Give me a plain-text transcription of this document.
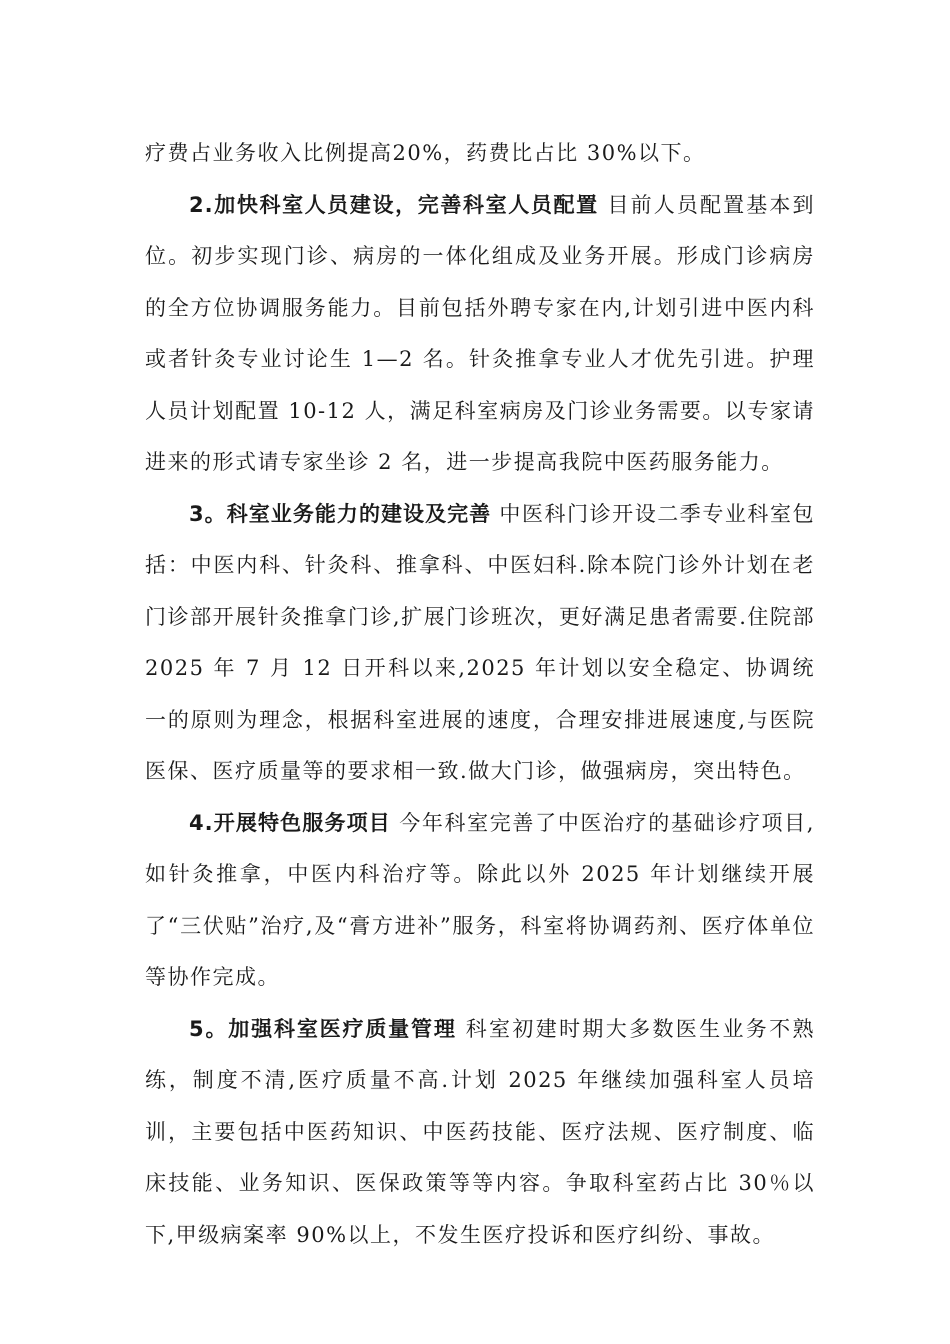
疗费占业务收入比例提高20%，药费比占比 30%以下。

2.加快科室人员建设，完善科室人员配置 目前人员配置基本到位。初步实现门诊、病房的一体化组成及业务开展。形成门诊病房的全方位协调服务能力。目前包括外聘专家在内,计划引进中医内科或者针灸专业讨论生 1—2 名。针灸推拿专业人才优先引进。护理人员计划配置 10-12 人，满足科室病房及门诊业务需要。以专家请进来的形式请专家坐诊 2 名，进一步提高我院中医药服务能力。

3。科室业务能力的建设及完善 中医科门诊开设二季专业科室包括：中医内科、针灸科、推拿科、中医妇科.除本院门诊外计划在老门诊部开展针灸推拿门诊,扩展门诊班次，更好满足患者需要.住院部 2025 年 7 月 12 日开科以来,2025 年计划以安全稳定、协调统一的原则为理念，根据科室进展的速度，合理安排进展速度,与医院医保、医疗质量等的要求相一致.做大门诊，做强病房，突出特色。

4.开展特色服务项目 今年科室完善了中医治疗的基础诊疗项目,如针灸推拿，中医内科治疗等。除此以外 2025 年计划继续开展了“三伏贴”治疗,及“膏方进补”服务，科室将协调药剂、医疗体单位等协作完成。

5。加强科室医疗质量管理 科室初建时期大多数医生业务不熟练，制度不清,医疗质量不高.计划 2025 年继续加强科室人员培训，主要包括中医药知识、中医药技能、医疗法规、医疗制度、临床技能、业务知识、医保政策等等内容。争取科室药占比 30％以下,甲级病案率 90%以上，不发生医疗投诉和医疗纠纷、事故。
